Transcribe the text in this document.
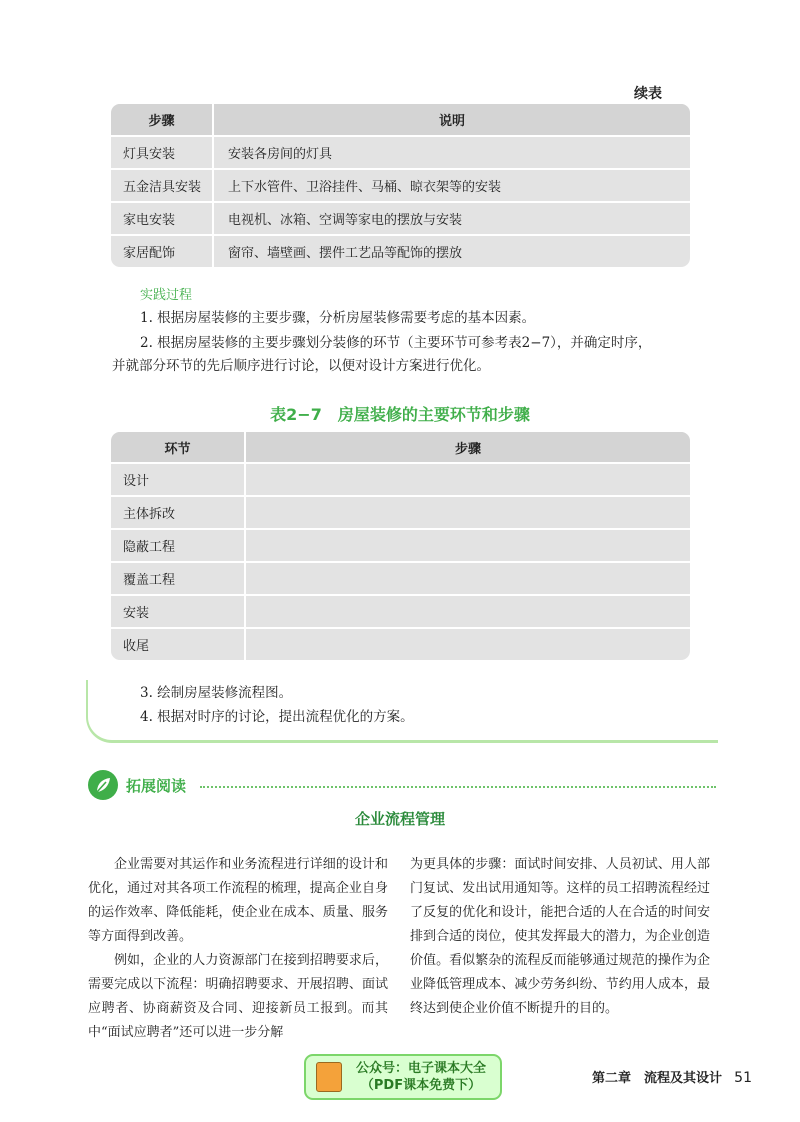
续表
步骤	说明
灯具安装	安装各房间的灯具
五金洁具安装	上下水管件、卫浴挂件、马桶、晾衣架等的安装
家电安装	电视机、冰箱、空调等家电的摆放与安装
家居配饰	窗帘、墙壁画、摆件工艺品等配饰的摆放
实践过程
1. 根据房屋装修的主要步骤，分析房屋装修需要考虑的基本因素。
2. 根据房屋装修的主要步骤划分装修的环节（主要环节可参考表2−7），并确定时序，
并就部分环节的先后顺序进行讨论，以便对设计方案进行优化。
表2−7　房屋装修的主要环节和步骤
环节	步骤
设计
主体拆改
隐蔽工程
覆盖工程
安装
收尾
3. 绘制房屋装修流程图。
4. 根据对时序的讨论，提出流程优化的方案。
拓展阅读
企业流程管理

企业需要对其运作和业务流程进行详细的设计和优化，通过对其各项工作流程的梳理，提高企业自身的运作效率、降低能耗，使企业在成本、质量、服务等方面得到改善。

例如，企业的人力资源部门在接到招聘要求后，需要完成以下流程：明确招聘要求、开展招聘、面试应聘者、协商薪资及合同、迎接新员工报到。而其中“面试应聘者”还可以进一步分解

为更具体的步骤：面试时间安排、人员初试、用人部门复试、发出试用通知等。这样的员工招聘流程经过了反复的优化和设计，能把合适的人在合适的时间安排到合适的岗位，使其发挥最大的潜力，为企业创造价值。看似繁杂的流程反而能够通过规范的操作为企业降低管理成本、减少劳务纠纷、节约用人成本，最终达到使企业价值不断提升的目的。

公众号：电子课本大全
（PDF课本免费下）	第二章　流程及其设计 51
